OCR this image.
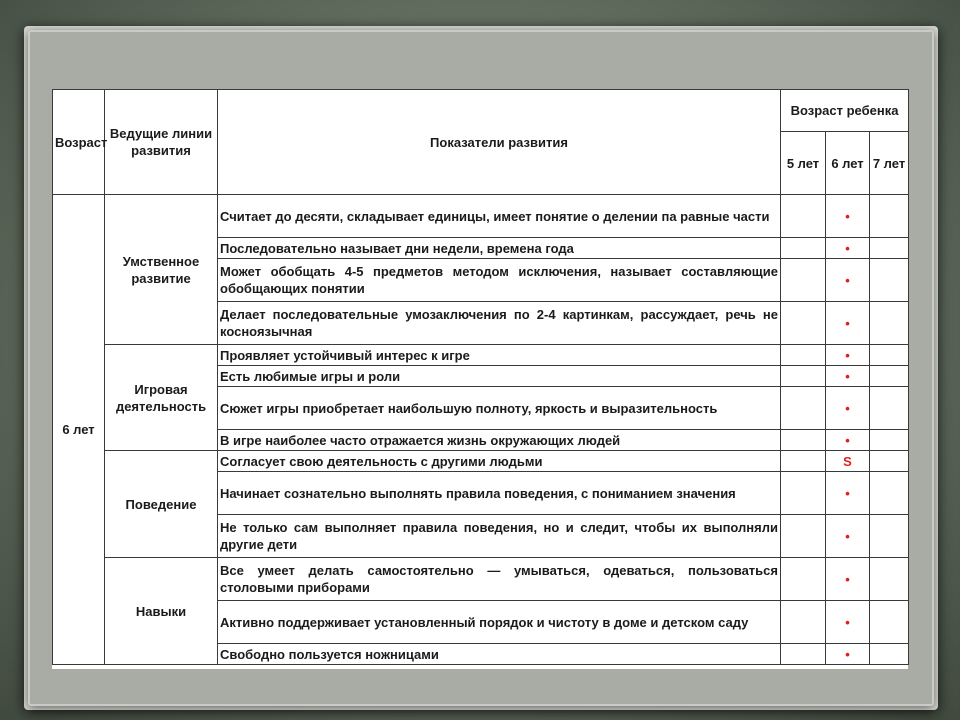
Возраст	Ведущие линии развития	Показатели развития	Возраст ребенка		
			5 лет	6 лет	7 лет
6 лет	Умственное развитие	Считает до десяти, складывает единицы, имеет понятие о делении па равные части		•	
		Последовательно называет дни недели, времена года		•	
		Может обобщать 4-5 предметов методом исключения, называет составляющие обобщающих понятии		•	
		Делает последовательные умозаключения по 2-4 картинкам, рассуждает, речь не косноязычная		•	
	Игровая деятельность	Проявляет устойчивый интерес к игре		•	
		Есть любимые игры и роли		•	
		Сюжет игры приобретает наибольшую полноту, яркость и выразительность		•	
		В игре наиболее часто отражается жизнь окружающих людей		•	
	Поведение	Согласует свою деятельность с другими людьми		S	
		Начинает сознательно выполнять правила поведения, с пониманием значения		•	
		Не только сам выполняет правила поведения, но и следит, чтобы их выполняли другие дети		•	
	Навыки	Все умеет делать самостоятельно — умываться, одеваться, пользоваться столовыми приборами		•	
		Активно поддерживает установленный порядок и чистоту в доме и детском саду		•	
		Свободно пользуется ножницами		•	
